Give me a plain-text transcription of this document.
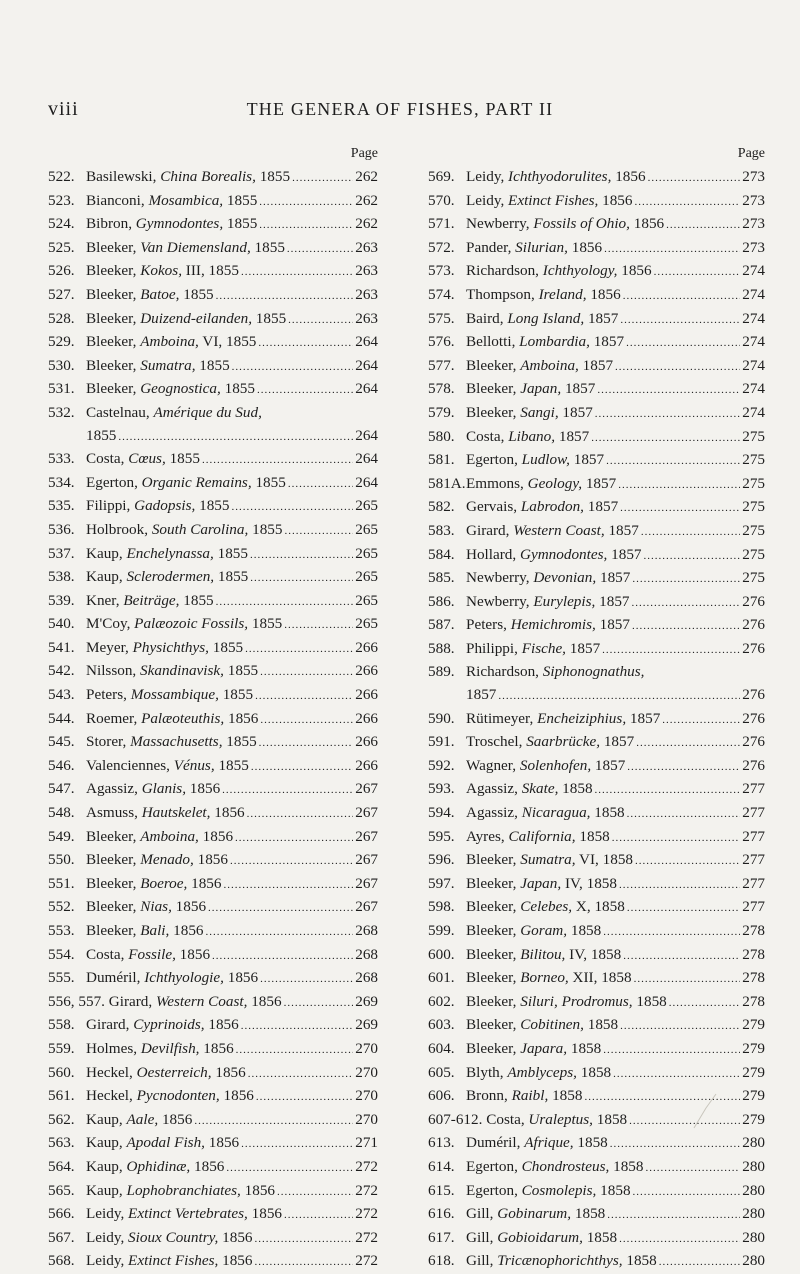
viii	THE GENERA OF FISHES, PART II
Page
522. Basilewski, China Borealis, 1855 .....	262
523. Bianconi, Mosambica, 1855 .....	262
524. Bibron, Gymnodontes, 1855 .....	262
525. Bleeker, Van Diemensland, 1855 .....	263
526. Bleeker, Kokos, III, 1855 .....	263
527. Bleeker, Batoe, 1855 .....	263
528. Bleeker, Duizend-eilanden, 1855 .....	263
529. Bleeker, Amboina, VI, 1855 .....	264
530. Bleeker, Sumatra, 1855 .....	264
531. Bleeker, Geognostica, 1855 .....	264
532. Castelnau, Amérique du Sud,
1855 .....	264
533. Costa, Cœus, 1855 .....	264
534. Egerton, Organic Remains, 1855 .....	264
535. Filippi, Gadopsis, 1855 .....	265
536. Holbrook, South Carolina, 1855 .....	265
537. Kaup, Enchelynassa, 1855 .....	265
538. Kaup, Sclerodermen, 1855 .....	265
539. Kner, Beiträge, 1855 .....	265
540. M'Coy, Palæozoic Fossils, 1855 .....	265
541. Meyer, Physichthys, 1855 .....	266
542. Nilsson, Skandinavisk, 1855 .....	266
543. Peters, Mossambique, 1855 .....	266
544. Roemer, Palæoteuthis, 1856 .....	266
545. Storer, Massachusetts, 1855 .....	266
546. Valenciennes, Vénus, 1855 .....	266
547. Agassiz, Glanis, 1856 .....	267
548. Asmuss, Hautskelet, 1856 .....	267
549. Bleeker, Amboina, 1856 .....	267
550. Bleeker, Menado, 1856 .....	267
551. Bleeker, Boeroe, 1856 .....	267
552. Bleeker, Nias, 1856 .....	267
553. Bleeker, Bali, 1856 .....	268
554. Costa, Fossile, 1856 .....	268
555. Duméril, Ichthyologie, 1856 .....	268
556, 557. Girard, Western Coast, 1856 .....	269
558. Girard, Cyprinoids, 1856 .....	269
559. Holmes, Devilfish, 1856 .....	270
560. Heckel, Oesterreich, 1856 .....	270
561. Heckel, Pycnodonten, 1856 .....	270
562. Kaup, Aale, 1856 .....	270
563. Kaup, Apodal Fish, 1856 .....	271
564. Kaup, Ophidinæ, 1856 .....	272
565. Kaup, Lophobranchiates, 1856 .....	272
566. Leidy, Extinct Vertebrates, 1856 .....	272
567. Leidy, Sioux Country, 1856 .....	272
568. Leidy, Extinct Fishes, 1856 .....	272
Page
569. Leidy, Ichthyodorulites, 1856 .....	273
570. Leidy, Extinct Fishes, 1856 .....	273
571. Newberry, Fossils of Ohio, 1856 .....	273
572. Pander, Silurian, 1856 .....	273
573. Richardson, Ichthyology, 1856 .....	274
574. Thompson, Ireland, 1856 .....	274
575. Baird, Long Island, 1857 .....	274
576. Bellotti, Lombardia, 1857 .....	274
577. Bleeker, Amboina, 1857 .....	274
578. Bleeker, Japan, 1857 .....	274
579. Bleeker, Sangi, 1857 .....	274
580. Costa, Libano, 1857 .....	275
581. Egerton, Ludlow, 1857 .....	275
581A.Emmons, Geology, 1857 .....	275
582. Gervais, Labrodon, 1857 .....	275
583. Girard, Western Coast, 1857 .....	275
584. Hollard, Gymnodontes, 1857 .....	275
585. Newberry, Devonian, 1857 .....	275
586. Newberry, Eurylepis, 1857 .....	276
587. Peters, Hemichromis, 1857 .....	276
588. Philippi, Fische, 1857 .....	276
589. Richardson, Siphonognathus,
1857 .....	276
590. Rütimeyer, Encheiziphius, 1857 .....	276
591. Troschel, Saarbrücke, 1857 .....	276
592. Wagner, Solenhofen, 1857 .....	276
593. Agassiz, Skate, 1858 .....	277
594. Agassiz, Nicaragua, 1858 .....	277
595. Ayres, California, 1858 .....	277
596. Bleeker, Sumatra, VI, 1858 .....	277
597. Bleeker, Japan, IV, 1858 .....	277
598. Bleeker, Celebes, X, 1858 .....	277
599. Bleeker, Goram, 1858 .....	278
600. Bleeker, Bilitou, IV, 1858 .....	278
601. Bleeker, Borneo, XII, 1858 .....	278
602. Bleeker, Siluri, Prodromus, 1858 .....	278
603. Bleeker, Cobitinen, 1858 .....	279
604. Bleeker, Japara, 1858 .....	279
605. Blyth, Amblyceps, 1858 .....	279
606. Bronn, Raibl, 1858 .....	279
607-612. Costa, Uraleptus, 1858 .....	279
613. Duméril, Afrique, 1858 .....	280
614. Egerton, Chondrosteus, 1858 .....	280
615. Egerton, Cosmolepis, 1858 .....	280
616. Gill, Gobinarum, 1858 .....	280
617. Gill, Gobioidarum, 1858 .....	280
618. Gill, Tricænophorichthys, 1858 .....	280
